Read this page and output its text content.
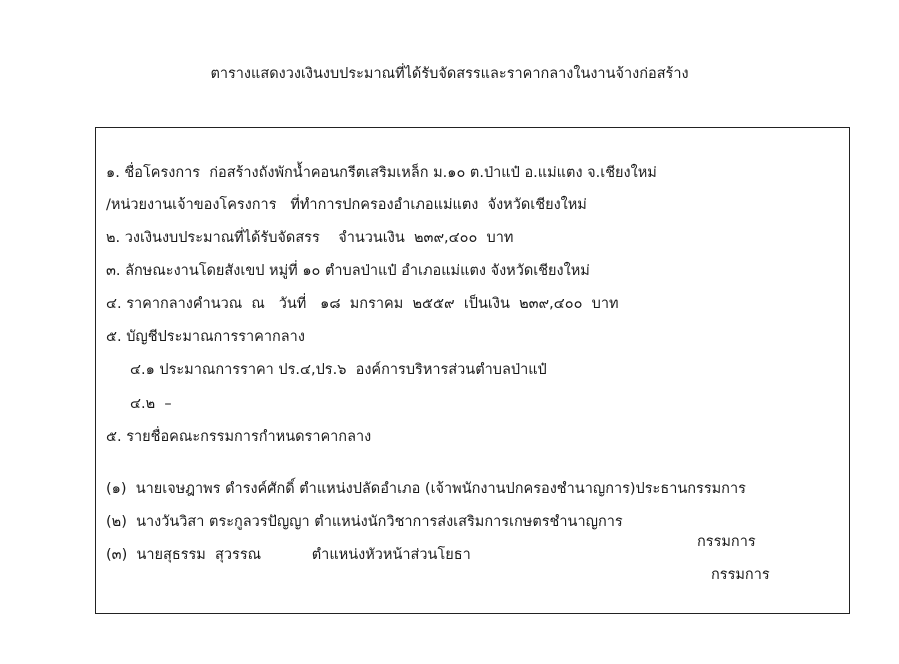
ตารางแสดงวงเงินงบประมาณที่ได้รับจัดสรรและราคากลางในงานจ้างก่อสร้าง
๑. ชื่อโครงการ  ก่อสร้างถังพักน้ำคอนกรีตเสริมเหล็ก ม.๑๐ ต.ป่าแป๋ อ.แม่แตง จ.เชียงใหม่
/หน่วยงานเจ้าของโครงการ   ที่ทำการปกครองอำเภอแม่แตง  จังหวัดเชียงใหม่
๒. วงเงินงบประมาณที่ได้รับจัดสรร    จำนวนเงิน  ๒๓๙,๔๐๐  บาท
๓. ลักษณะงานโดยสังเขป หมู่ที่ ๑๐ ตำบลป่าแป๋ อำเภอแม่แตง จังหวัดเชียงใหม่
๔. ราคากลางคำนวณ  ณ   วันที่   ๑๘  มกราคม  ๒๕๕๙  เป็นเงิน  ๒๓๙,๔๐๐  บาท
๕. บัญชีประมาณการราคากลาง
๔.๑ ประมาณการราคา ปร.๔,ปร.๖  องค์การบริหารส่วนตำบลป่าแป๋
๔.๒  –
๕. รายชื่อคณะกรรมการกำหนดราคากลาง

(๑)  นายเจษฎาพร ดำรงค์ศักดิ์ ตำแหน่งปลัดอำเภอ (เจ้าพนักงานปกครองชำนาญการ)ประธานกรรมการ

(๒)  นางวันวิสา ตระกูลวรปัญญา ตำแหน่งนักวิชาการส่งเสริมการเกษตรชำนาญการ

กรรมการ

(๓)  นายสุธรรม  สุวรรณ           ตำแหน่งหัวหน้าส่วนโยธา

กรรมการ
